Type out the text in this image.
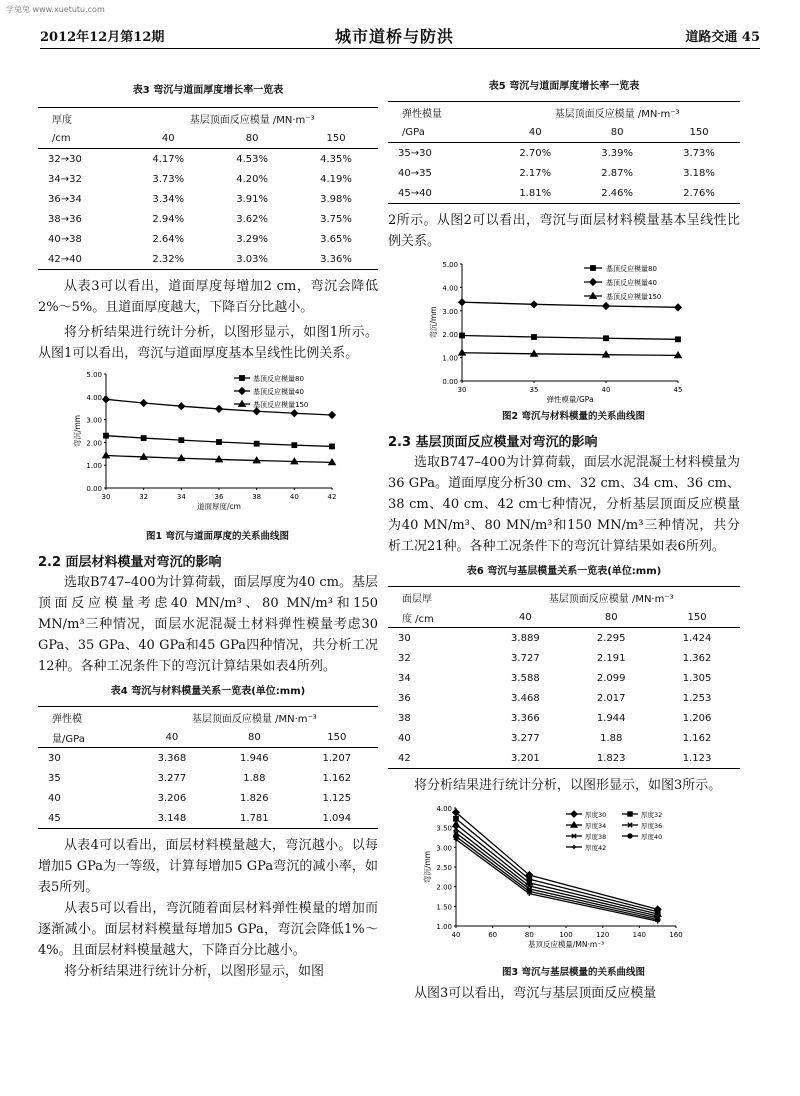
学兔兔 www.xuetutu.com
2012年12月第12期	城市道桥与防洪	道路交通 45

表3 弯沉与道面厚度增长率一览表

厚度	基层顶面反应模量 /MN·m⁻³		
/cm	40	80	150
32→30	4.17%	4.53%	4.35%
34→32	3.73%	4.20%	4.19%
36→34	3.34%	3.91%	3.98%
38→36	2.94%	3.62%	3.75%
40→38	2.64%	3.29%	3.65%
42→40	2.32%	3.03%	3.36%

从表3可以看出，道面厚度每增加2 cm，弯沉会降低2%～5%。且道面厚度越大，下降百分比越小。

将分析结果进行统计分析，以图形显示，如图1所示。从图1可以看出，弯沉与道面厚度基本呈线性比例关系。

0.00
1.00
2.00
3.00
4.00
5.00
30	32	34	36	38	40	42
道面厚度/cm
弯沉/mm
基顶反应模量80
基顶反应模量40
基顶反应模量150

图1 弯沉与道面厚度的关系曲线图

2.2 面层材料模量对弯沉的影响

选取B747–400为计算荷载，面层厚度为40 cm。基层顶面反应模量考虑40 MN/m³、80 MN/m³和150 MN/m³三种情况，面层水泥混凝土材料弹性模量考虑30 GPa、35 GPa、40 GPa和45 GPa四种情况，共分析工况12种。各种工况条件下的弯沉计算结果如表4所列。

表4 弯沉与材料模量关系一览表(单位:mm)

弹性模	基层顶面反应模量 /MN·m⁻³		
量/GPa	40	80	150
30	3.368	1.946	1.207
35	3.277	1.88	1.162
40	3.206	1.826	1.125
45	3.148	1.781	1.094

从表4可以看出，面层材料模量越大，弯沉越小。以每增加5 GPa为一等级，计算每增加5 GPa弯沉的减小率，如表5所列。

从表5可以看出，弯沉随着面层材料弹性模量的增加而逐渐减小。面层材料模量每增加5 GPa，弯沉会降低1%～4%。且面层材料模量越大，下降百分比越小。

将分析结果进行统计分析，以图形显示，如图

表5 弯沉与道面厚度增长率一览表

弹性模量	基层顶面反应模量 /MN·m⁻³		
/GPa	40	80	150
35→30	2.70%	3.39%	3.73%
40→35	2.17%	2.87%	3.18%
45→40	1.81%	2.46%	2.76%

2所示。从图2可以看出，弯沉与面层材料模量基本呈线性比例关系。

0.00
1.00
2.00
3.00
4.00
5.00
30	35	40	45
弹性模量/GPa
弯沉/mm
基顶反应模量80
基顶反应模量40
基顶反应模量150

图2 弯沉与材料模量的关系曲线图

2.3 基层顶面反应模量对弯沉的影响

选取B747–400为计算荷载，面层水泥混凝土材料模量为36 GPa。道面厚度分析30 cm、32 cm、34 cm、36 cm、38 cm、40 cm、42 cm七种情况，分析基层顶面反应模量为40 MN/m³、80 MN/m³和150 MN/m³三种情况，共分析工况21种。各种工况条件下的弯沉计算结果如表6所列。

表6 弯沉与基层模量关系一览表(单位:mm)

面层厚	基层顶面反应模量 /MN·m⁻³		
度 /cm	40	80	150
30	3.889	2.295	1.424
32	3.727	2.191	1.362
34	3.588	2.099	1.305
36	3.468	2.017	1.253
38	3.366	1.944	1.206
40	3.277	1.88	1.162
42	3.201	1.823	1.123

将分析结果进行统计分析，以图形显示，如图3所示。

1.00
1.50
2.00
2.50
3.00
3.50
4.00
40	60	80	100	120	140	160
基顶反应模量/MN·m⁻³
弯沉/mm
厚度30	厚度32
厚度34	厚度36
厚度38	厚度40
厚度42

图3 弯沉与基层模量的关系曲线图

从图3可以看出，弯沉与基层顶面反应模量
